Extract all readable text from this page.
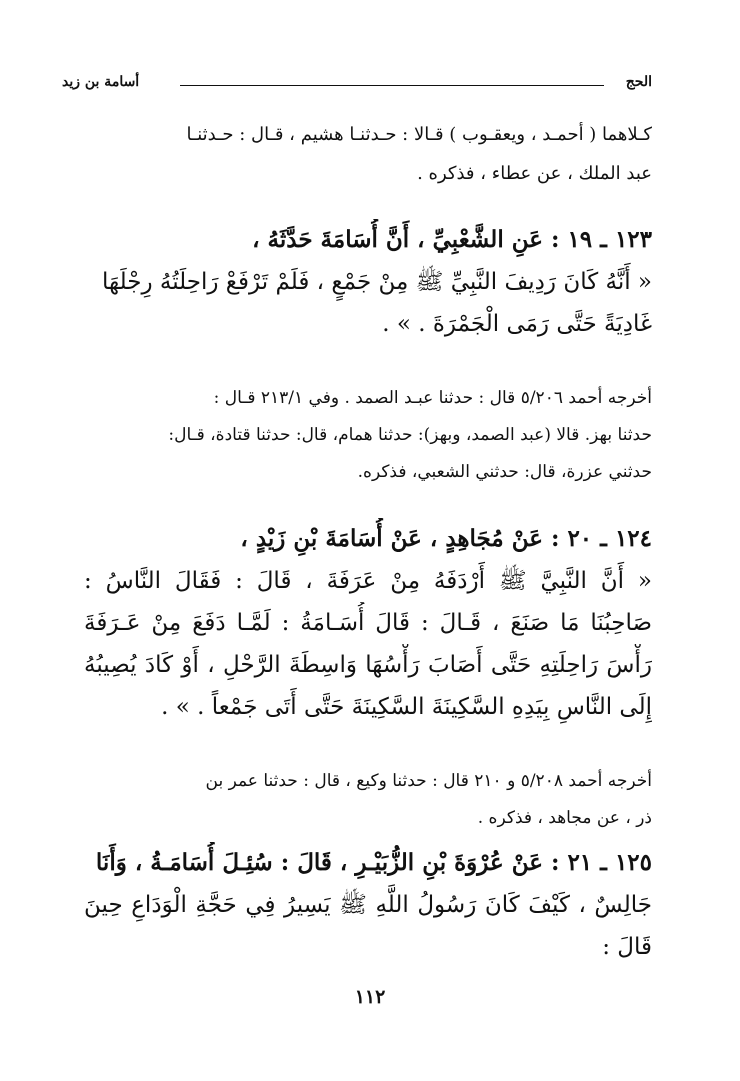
الحج
أسامة بن زيد
كـلاهما ( أحمـد ، ويعقـوب ) قـالا : حـدثنـا هشيم ، قـال : حـدثنـا
عبد الملك ، عن عطاء ، فذكره .
١٢٣ ـ ١٩ : عَنِ الشَّعْبِيِّ ، أَنَّ أُسَامَةَ حَدَّثَهُ ،
« أَنَّهُ كَانَ رَدِيفَ النَّبِيِّ ﷺ مِنْ جَمْعٍ ، فَلَمْ تَرْفَعْ رَاحِلَتُهُ رِجْلَهَا
غَادِيَةً حَتَّى رَمَى الْجَمْرَةَ . » .
أخرجه أحمد ٥/٢٠٦ قال : حدثنا عبـد الصمد . وفي ٢١٣/١ قـال :
حدثنا بهز. قالا (عبد الصمد، وبهز): حدثنا همام، قال: حدثنا قتادة، قـال:
حدثني عزرة، قال: حدثني الشعبي، فذكره.
١٢٤ ـ ٢٠ : عَنْ مُجَاهِدٍ ، عَنْ أُسَامَةَ بْنِ زَيْدٍ ،
« أَنَّ النَّبِيَّ ﷺ أَرْدَفَهُ مِنْ عَرَفَةَ ، قَالَ : فَقَالَ النَّاسُ :
صَاحِبُنَا مَا صَنَعَ ، قَـالَ : قَالَ أُسَـامَةُ : لَمَّـا دَفَعَ مِنْ عَـرَفَةَ
رَأْسَ رَاحِلَتِهِ حَتَّى أَصَابَ رَأْسُهَا وَاسِطَةَ الرَّحْلِ ، أَوْ كَادَ يُصِيبُهُ
إِلَى النَّاسِ بِيَدِهِ السَّكِينَةَ السَّكِينَةَ حَتَّى أَتَى جَمْعاً . » .
أخرجه أحمد ٥/٢٠٨ و ٢١٠ قال : حدثنا وكيع ، قال : حدثنا عمر بن
ذر ، عن مجاهد ، فذكره .
١٢٥ ـ ٢١ : عَنْ عُرْوَةَ بْنِ الزُّبَيْـرِ ، قَالَ : سُئِـلَ أُسَامَـةُ ، وَأَنَا
جَالِسٌ ، كَيْفَ كَانَ رَسُولُ اللَّهِ ﷺ يَسِيرُ فِي حَجَّةِ الْوَدَاعِ حِينَ
قَالَ :
١١٢
